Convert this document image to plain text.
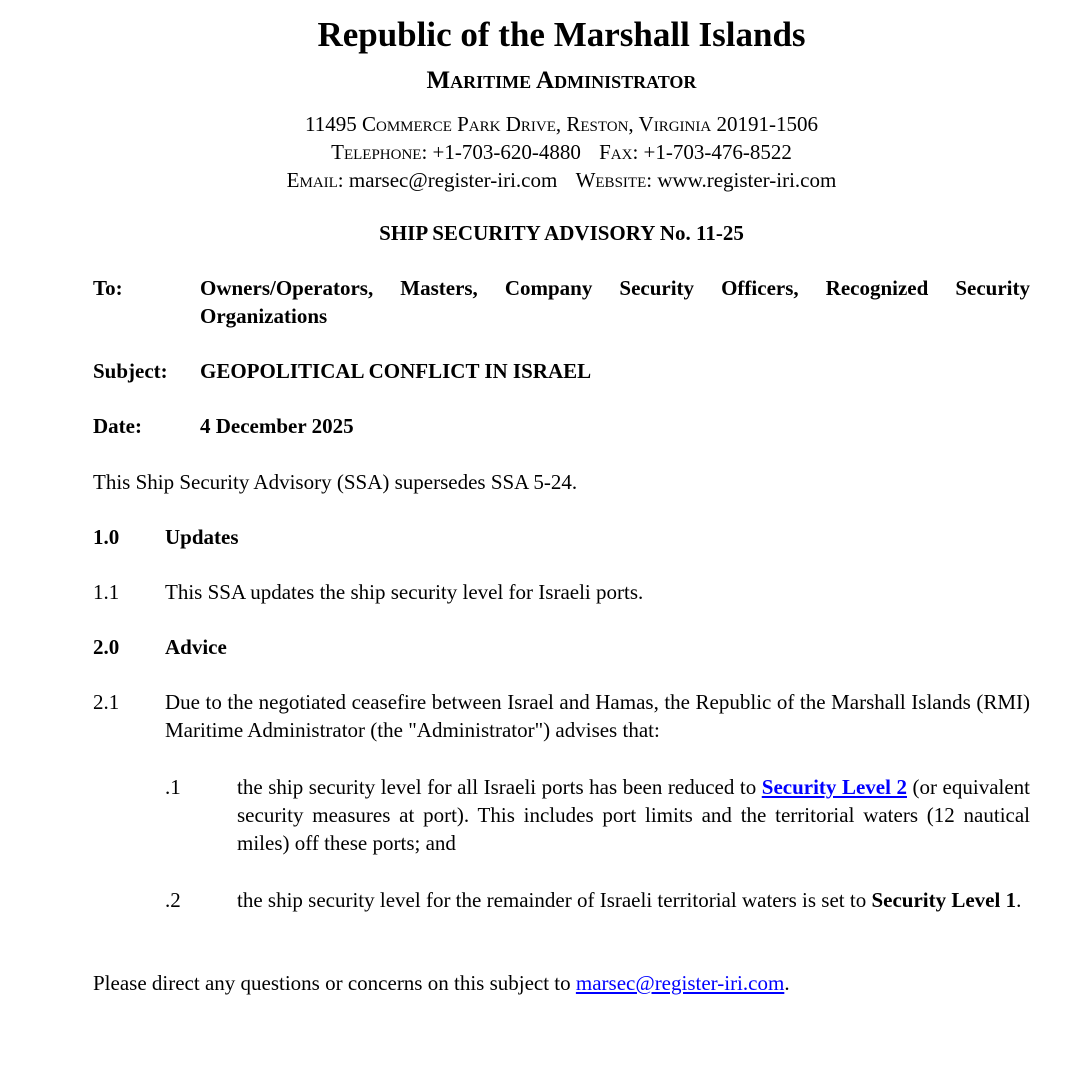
Republic of the Marshall Islands
Maritime Administrator
11495 Commerce Park Drive, Reston, Virginia 20191-1506
Telephone: +1-703-620-4880 Fax: +1-703-476-8522
Email: marsec@register-iri.com Website: www.register-iri.com
SHIP SECURITY ADVISORY No. 11-25
To:	Owners/Operators, Masters, Company Security Officers, Recognized Security Organizations
Subject:	GEOPOLITICAL CONFLICT IN ISRAEL
Date:	4 December 2025

This Ship Security Advisory (SSA) supersedes SSA 5-24.

1.0	Updates
1.1	This SSA updates the ship security level for Israeli ports.
2.0	Advice
2.1	Due to the negotiated ceasefire between Israel and Hamas, the Republic of the Marshall Islands (RMI) Maritime Administrator (the "Administrator") advises that:
.1	the ship security level for all Israeli ports has been reduced to Security Level 2 (or equivalent security measures at port). This includes port limits and the territorial waters (12 nautical miles) off these ports; and
.2	the ship security level for the remainder of Israeli territorial waters is set to Security Level 1.

Please direct any questions or concerns on this subject to marsec@register-iri.com.
